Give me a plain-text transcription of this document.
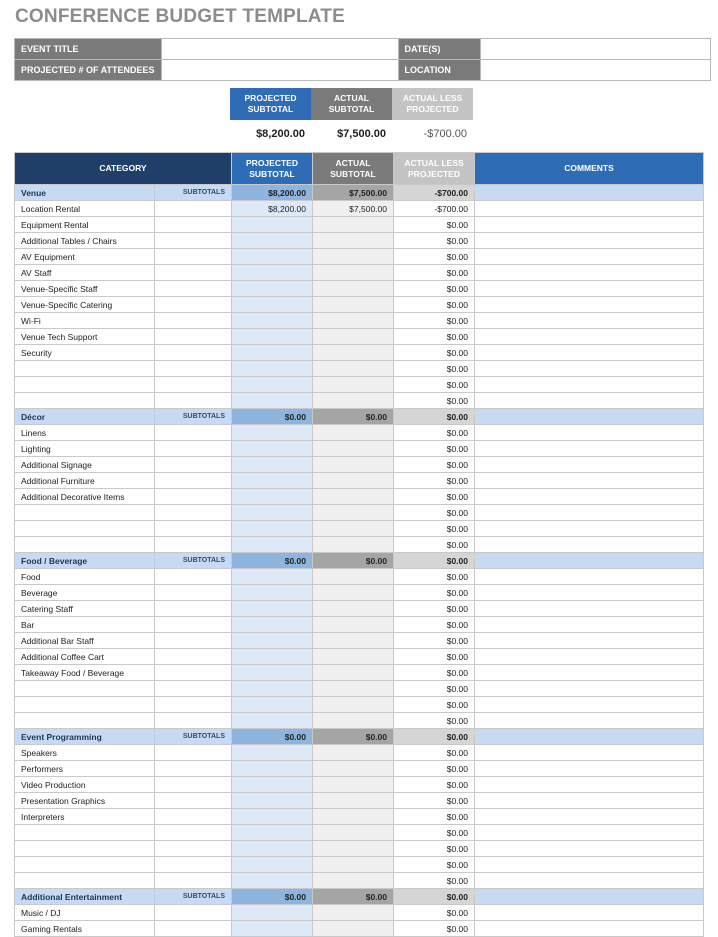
CONFERENCE BUDGET TEMPLATE
EVENT TITLE		DATE(S)	
PROJECTED # OF ATTENDEES		LOCATION	
PROJECTED SUBTOTAL
ACTUAL SUBTOTAL
ACTUAL LESS PROJECTED
$8,200.00	$7,500.00	-$700.00
CATEGORY		PROJECTED SUBTOTAL	ACTUAL SUBTOTAL	ACTUAL LESS PROJECTED	COMMENTS
Venue	SUBTOTALS	$8,200.00	$7,500.00	-$700.00	
Location Rental		$8,200.00	$7,500.00	-$700.00	
Equipment Rental				$0.00	
Additional Tables / Chairs				$0.00	
AV Equipment				$0.00	
AV Staff				$0.00	
Venue-Specific Staff				$0.00	
Venue-Specific Catering				$0.00	
Wi-Fi				$0.00	
Venue Tech Support				$0.00	
Security				$0.00	
				$0.00	
				$0.00	
				$0.00	
Décor	SUBTOTALS	$0.00	$0.00	$0.00	
Linens				$0.00	
Lighting				$0.00	
Additional Signage				$0.00	
Additional Furniture				$0.00	
Additional Decorative Items				$0.00	
				$0.00	
				$0.00	
				$0.00	
Food / Beverage	SUBTOTALS	$0.00	$0.00	$0.00	
Food				$0.00	
Beverage				$0.00	
Catering Staff				$0.00	
Bar				$0.00	
Additional Bar Staff				$0.00	
Additional Coffee Cart				$0.00	
Takeaway Food / Beverage				$0.00	
				$0.00	
				$0.00	
				$0.00	
Event Programming	SUBTOTALS	$0.00	$0.00	$0.00	
Speakers				$0.00	
Performers				$0.00	
Video Production				$0.00	
Presentation Graphics				$0.00	
Interpreters				$0.00	
				$0.00	
				$0.00	
				$0.00	
				$0.00	
Additional Entertainment	SUBTOTALS	$0.00	$0.00	$0.00	
Music / DJ				$0.00	
Gaming Rentals				$0.00	
